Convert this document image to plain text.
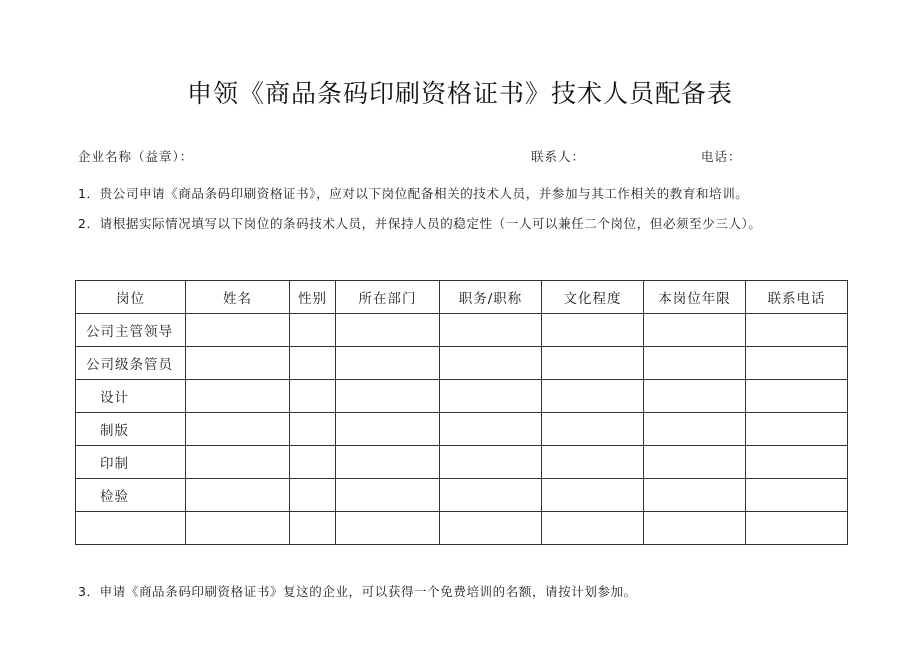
申领《商品条码印刷资格证书》技术人员配备表
企业名称（益章）：	联系人：	电话：
1．贵公司申请《商品条码印刷资格证书》，应对以下岗位配备相关的技术人员，并参加与其工作相关的教育和培训。
2．请根据实际情况填写以下岗位的条码技术人员，并保持人员的稳定性（一人可以兼任二个岗位，但必须至少三人）。
岗位	姓名	性别	所在部门	职务/职称	文化程度	本岗位年限	联系电话
公司主管领导							
公司级条管员							
设计							
制版							
印制							
检验							

3．申请《商品条码印刷资格证书》复这的企业，可以获得一个免费培训的名额，请按计划参加。
